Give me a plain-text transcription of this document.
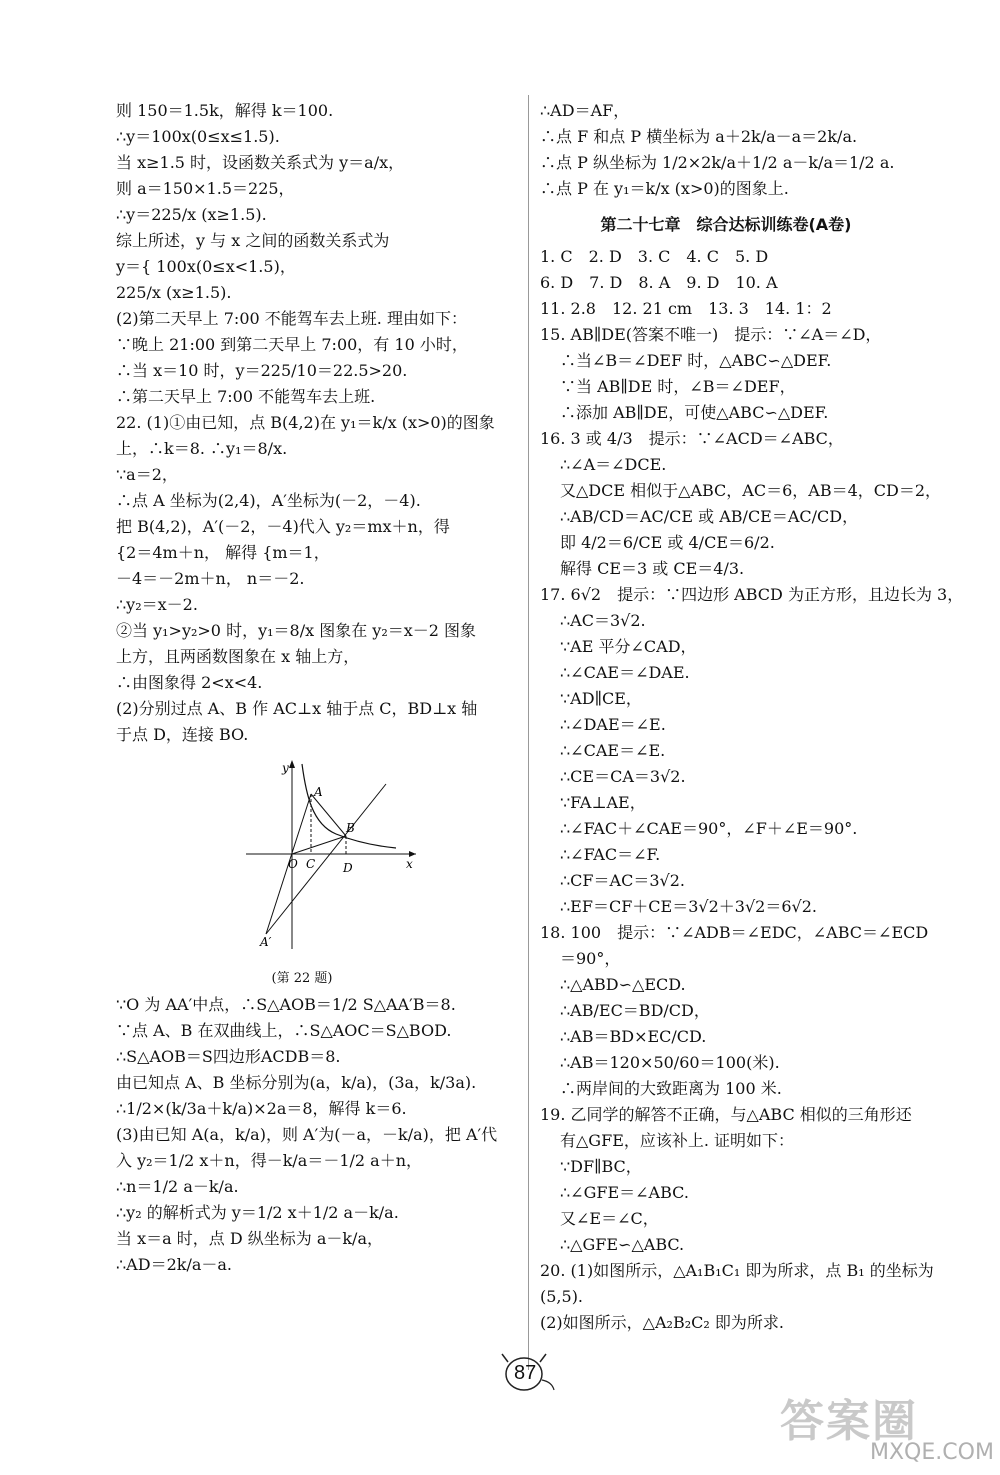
则 150＝1.5k，解得 k＝100.
∴y＝100x(0≤x≤1.5).
当 x≥1.5 时，设函数关系式为 y＝a/x，
则 a＝150×1.5＝225，
∴y＝225/x (x≥1.5).
综上所述，y 与 x 之间的函数关系式为
y＝{ 100x(0≤x<1.5)，
225/x (x≥1.5).
(2)第二天早上 7:00 不能驾车去上班. 理由如下：
∵晚上 21:00 到第二天早上 7:00，有 10 小时，
∴当 x＝10 时，y＝225/10＝22.5>20.
∴第二天早上 7:00 不能驾车去上班.
22. (1)①由已知，点 B(4,2)在 y₁＝k/x (x>0)的图象
上，∴k＝8. ∴y₁＝8/x.
∵a＝2，
∴点 A 坐标为(2,4)，A′坐标为(－2，－4).
把 B(4,2)，A′(－2，－4)代入 y₂＝mx＋n，得
{2＝4m＋n， 解得 {m＝1，
－4＝－2m＋n， n＝－2.
∴y₂＝x－2.
②当 y₁>y₂>0 时，y₁＝8/x 图象在 y₂＝x－2 图象
上方，且两函数图象在 x 轴上方，
∴由图象得 2<x<4.
(2)分别过点 A、B 作 AC⊥x 轴于点 C，BD⊥x 轴
于点 D，连接 BO.
y
x
A
B
O C D
A′
(第 22 题)
∵O 为 AA′中点，∴S△AOB＝1/2 S△AA′B＝8.
∵点 A、B 在双曲线上，∴S△AOC＝S△BOD.
∴S△AOB＝S四边形ACDB＝8.
由已知点 A、B 坐标分别为(a，k/a)，(3a，k/3a).
∴1/2×(k/3a＋k/a)×2a＝8，解得 k＝6.
(3)由已知 A(a，k/a)，则 A′为(－a，－k/a)，把 A′代
入 y₂＝1/2 x＋n，得－k/a＝－1/2 a＋n，
∴n＝1/2 a－k/a.
∴y₂ 的解析式为 y＝1/2 x＋1/2 a－k/a.
当 x＝a 时，点 D 纵坐标为 a－k/a，
∴AD＝2k/a－a.
∴AD＝AF，
∴点 F 和点 P 横坐标为 a＋2k/a－a＝2k/a.
∴点 P 纵坐标为 1/2×2k/a＋1/2 a－k/a＝1/2 a.
∴点 P 在 y₁＝k/x (x>0)的图象上.
第二十七章　综合达标训练卷(A卷)
1. C　2. D　3. C　4. C　5. D
6. D　7. D　8. A　9. D　10. A
11. 2.8　12. 21 cm　13. 3　14. 1：2
15. AB∥DE(答案不唯一)　提示：∵∠A＝∠D，
∴当∠B＝∠DEF 时，△ABC∽△DEF.
∵当 AB∥DE 时，∠B＝∠DEF，
∴添加 AB∥DE，可使△ABC∽△DEF.
16. 3 或 4/3　提示：∵∠ACD＝∠ABC，
∴∠A＝∠DCE.
又△DCE 相似于△ABC，AC＝6，AB＝4，CD＝2，
∴AB/CD＝AC/CE 或 AB/CE＝AC/CD，
即 4/2＝6/CE 或 4/CE＝6/2.
解得 CE＝3 或 CE＝4/3.
17. 6√2　提示：∵四边形 ABCD 为正方形，且边长为 3，
∴AC＝3√2.
∵AE 平分∠CAD，
∴∠CAE＝∠DAE.
∵AD∥CE，
∴∠DAE＝∠E.
∴∠CAE＝∠E.
∴CE＝CA＝3√2.
∵FA⊥AE，
∴∠FAC＋∠CAE＝90°，∠F＋∠E＝90°.
∴∠FAC＝∠F.
∴CF＝AC＝3√2.
∴EF＝CF＋CE＝3√2＋3√2＝6√2.
18. 100　提示：∵∠ADB＝∠EDC，∠ABC＝∠ECD
＝90°，
∴△ABD∽△ECD.
∴AB/EC＝BD/CD，
∴AB＝BD×EC/CD.
∴AB＝120×50/60＝100(米).
∴两岸间的大致距离为 100 米.
19. 乙同学的解答不正确，与△ABC 相似的三角形还
有△GFE，应该补上. 证明如下：
∵DF∥BC，
∴∠GFE＝∠ABC.
又∠E＝∠C，
∴△GFE∽△ABC.
20. (1)如图所示，△A₁B₁C₁ 即为所求，点 B₁ 的坐标为
(5,5).
(2)如图所示，△A₂B₂C₂ 即为所求.
87
答案圈
MXQE.COM
